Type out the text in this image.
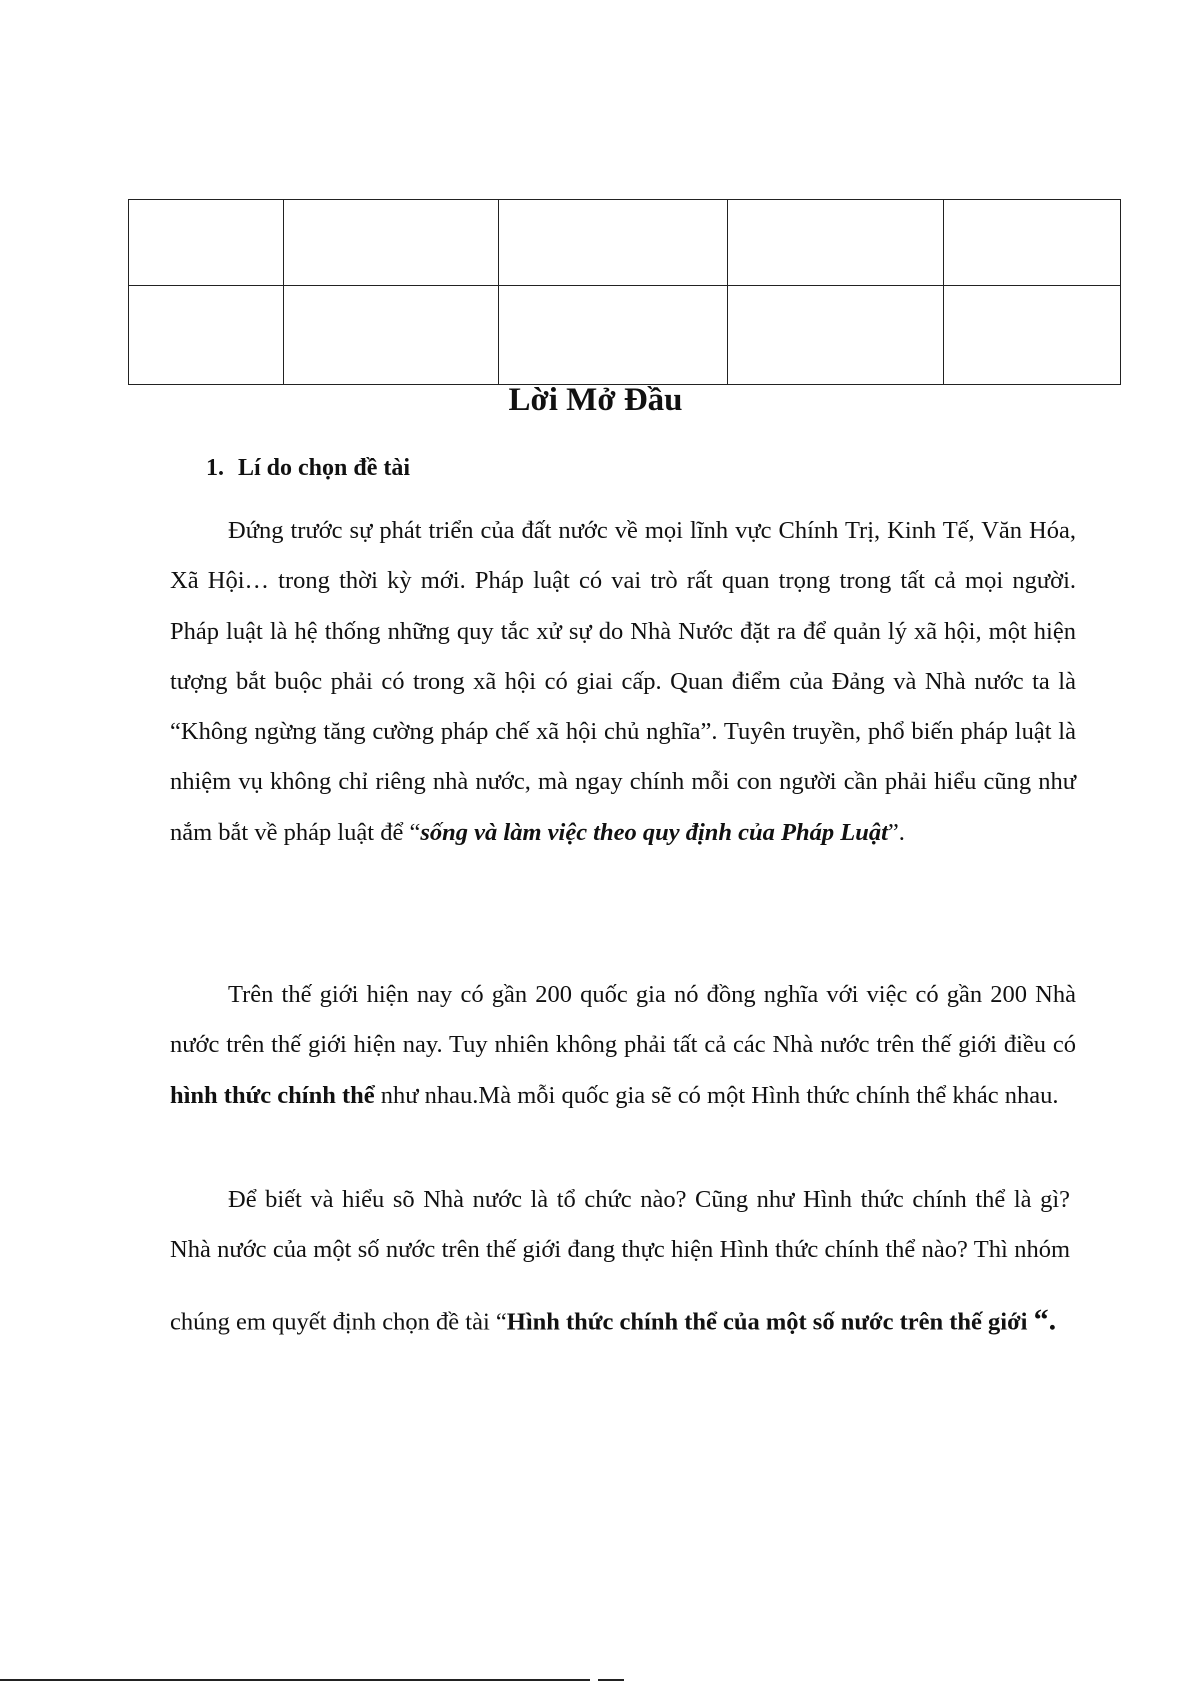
Lời Mở Đầu
1. Lí do chọn đề tài

Đứng trước sự phát triển của đất nước về mọi lĩnh vực Chính Trị, Kinh Tế, Văn Hóa, Xã Hội… trong thời kỳ mới. Pháp luật có vai trò rất quan trọng trong tất cả mọi người. Pháp luật là hệ thống những quy tắc xử sự do Nhà Nước đặt ra để quản lý xã hội, một hiện tượng bắt buộc phải có trong xã hội có giai cấp. Quan điểm của Đảng và Nhà nước ta là “Không ngừng tăng cường pháp chế xã hội chủ nghĩa”. Tuyên truyền, phổ biến pháp luật là nhiệm vụ không chỉ riêng nhà nước, mà ngay chính mỗi con người cần phải hiểu cũng như nắm bắt về pháp luật để “sống và làm việc theo quy định của Pháp Luật”.

Trên thế giới hiện nay có gần 200 quốc gia nó đồng nghĩa với việc có gần 200 Nhà nước trên thế giới hiện nay. Tuy nhiên không phải tất cả các Nhà nước trên thế giới điều có hình thức chính thể như nhau.Mà mỗi quốc gia sẽ có một Hình thức chính thể khác nhau.

Để biết và hiểu sõ Nhà nước là tổ chức nào? Cũng như Hình thức chính thể là gì? Nhà nước của một số nước trên thế giới đang thực hiện Hình thức chính thể nào? Thì nhóm chúng em quyết định chọn đề tài “Hình thức chính thể của một số nước trên thế giới “.
